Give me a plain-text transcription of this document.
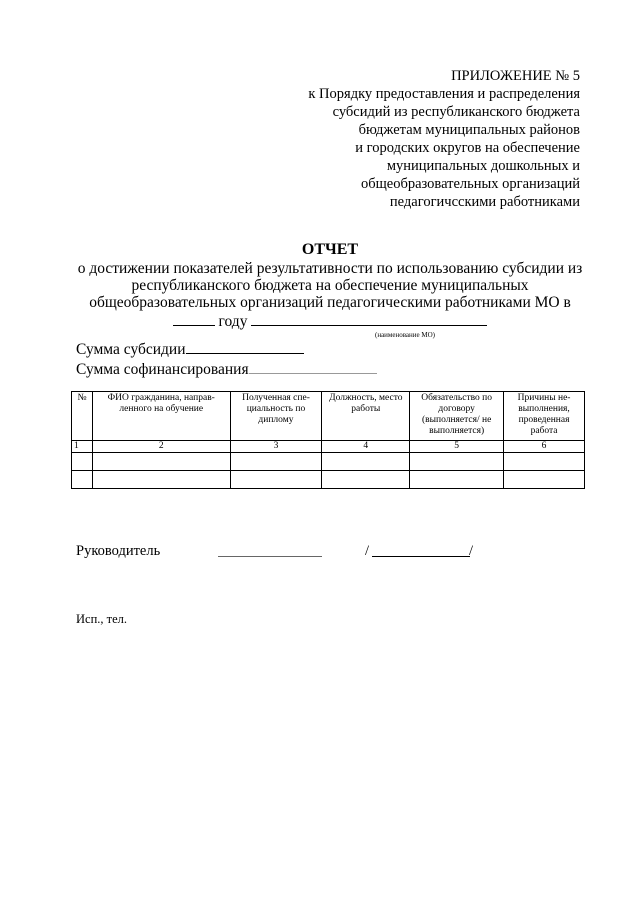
ПРИЛОЖЕНИЕ № 5
к Порядку предоставления и распределения
субсидий из республиканского бюджета
бюджетам муниципальных районов
и городских округов на обеспечение
муниципальных дошкольных и
общеобразовательных организаций
педагогичсскими работниками
ОТЧЕТ
о достижении показателей результативности по использованию субсидии из
республиканского бюджета на обеспечение муниципальных
общеобразовательных организаций педагогическими работниками МО в
году
(наименование МО)
Сумма субсидии
Сумма софинансирования
№	ФИО гражданина, направ-ленного на обучение	Полученная спе-циальность по диплому	Должность, место работы	Обязательство по договору (выполняется/ не выполняется)	Причины не-выполнения, проведенная работа
1	2	3	4	5	6

Руководитель	/	/
Исп., тел.
